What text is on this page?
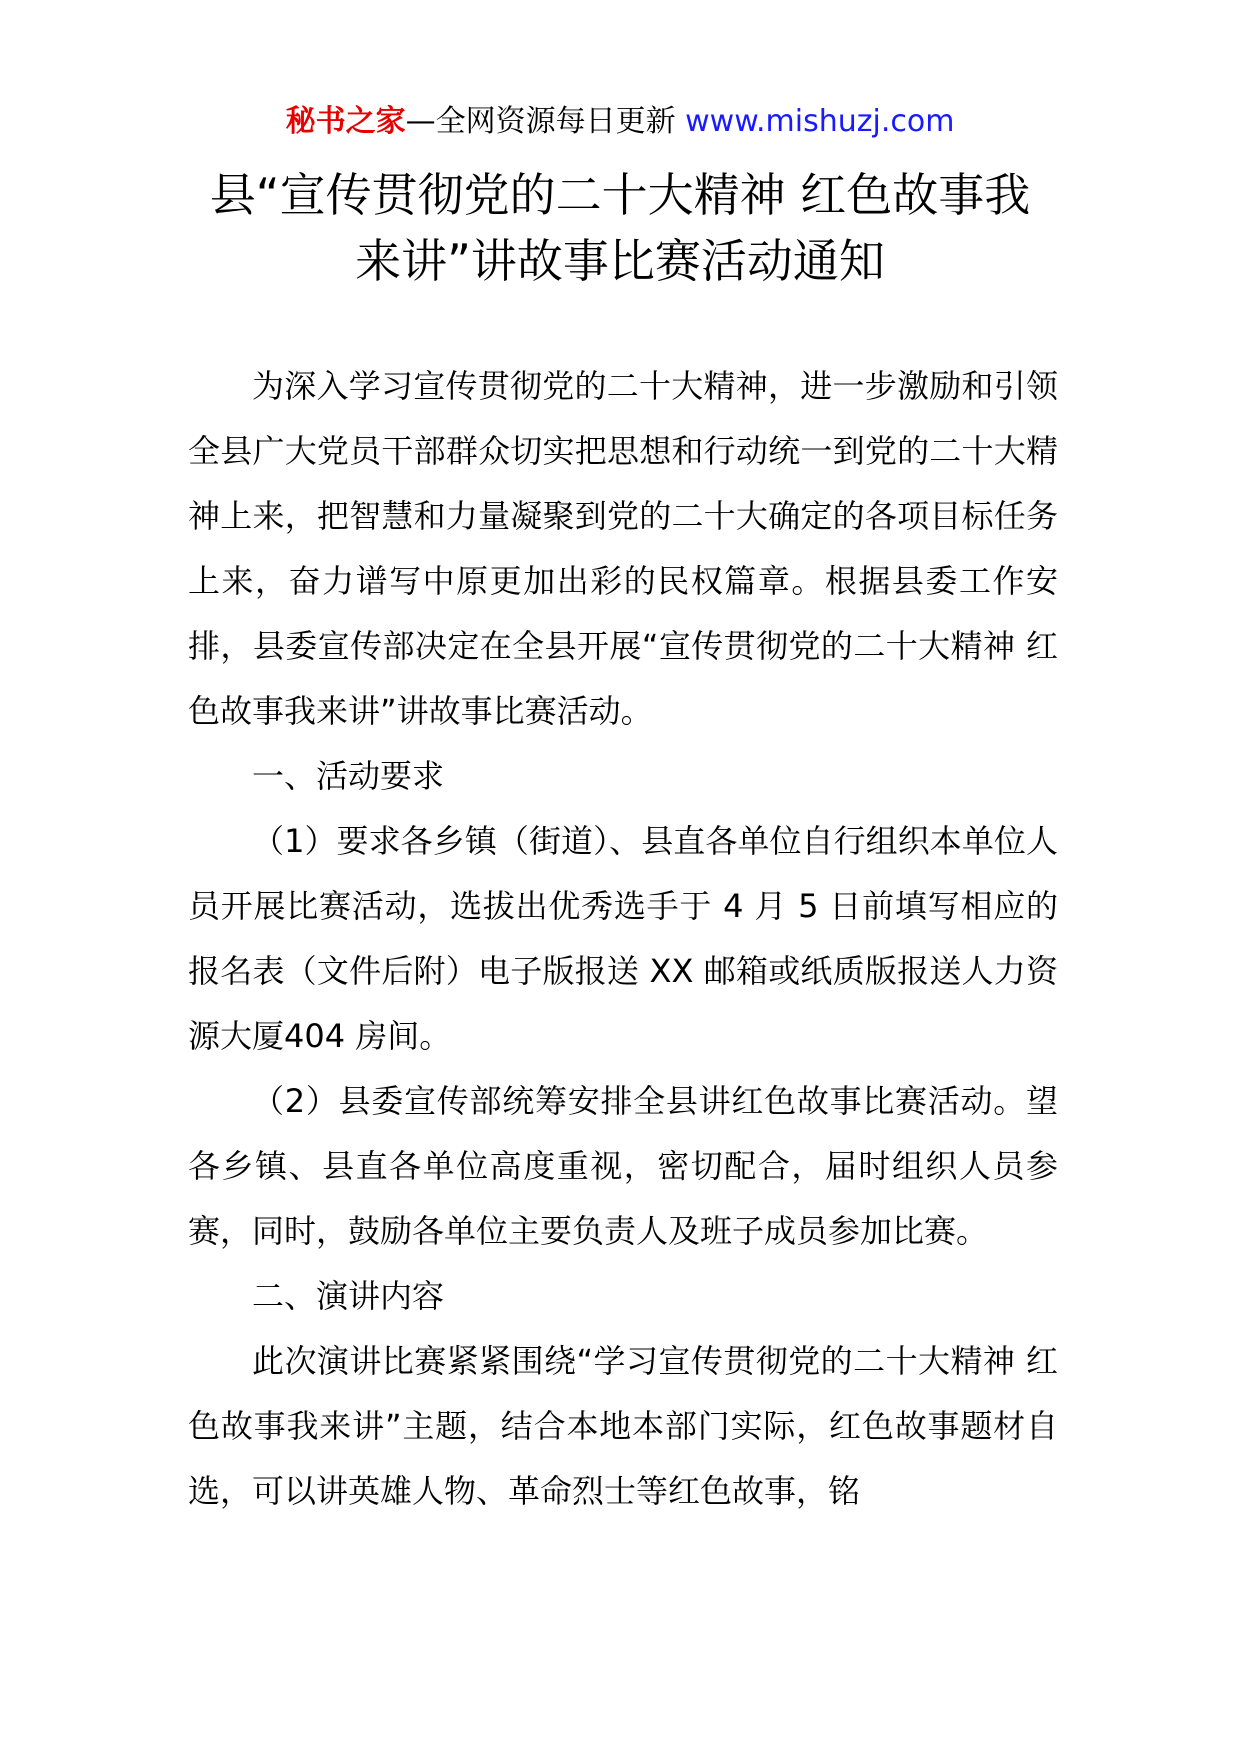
秘书之家—全网资源每日更新 www.mishuzj.com
县“宣传贯彻党的二十大精神 红色故事我
来讲”讲故事比赛活动通知

为深入学习宣传贯彻党的二十大精神，进一步激励和引领全县广大党员干部群众切实把思想和行动统一到党的二十大精神上来，把智慧和力量凝聚到党的二十大确定的各项目标任务上来，奋力谱写中原更加出彩的民权篇章。根据县委工作安排，县委宣传部决定在全县开展“宣传贯彻党的二十大精神 红色故事我来讲”讲故事比赛活动。

一、活动要求

（1）要求各乡镇（街道）、县直各单位自行组织本单位人员开展比赛活动，选拔出优秀选手于 4 月 5 日前填写相应的报名表（文件后附）电子版报送 XX 邮箱或纸质版报送人力资源大厦404 房间。

（2）县委宣传部统筹安排全县讲红色故事比赛活动。望各乡镇、县直各单位高度重视，密切配合，届时组织人员参赛，同时，鼓励各单位主要负责人及班子成员参加比赛。

二、演讲内容

此次演讲比赛紧紧围绕“学习宣传贯彻党的二十大精神 红色故事我来讲”主题，结合本地本部门实际，红色故事题材自选，可以讲英雄人物、革命烈士等红色故事，铭
